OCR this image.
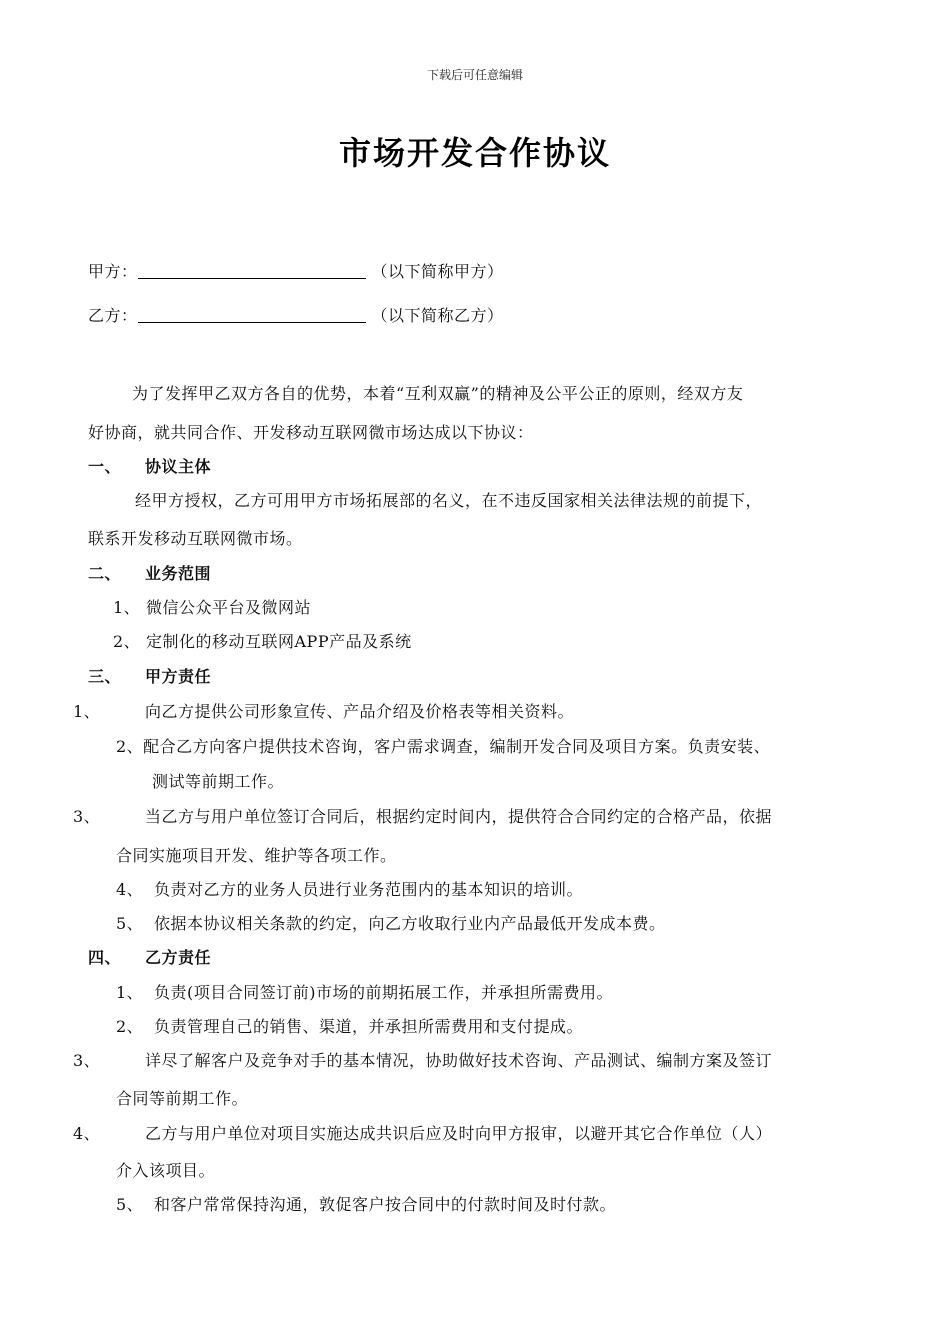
下载后可任意编辑
市场开发合作协议
甲方：	（以下简称甲方）
乙方：	（以下简称乙方）
为了发挥甲乙双方各自的优势，本着“互利双赢”的精神及公平公正的原则，经双方友
好协商，就共同合作、开发移动互联网微市场达成以下协议：
一、 协议主体
经甲方授权，乙方可用甲方市场拓展部的名义，在不违反国家相关法律法规的前提下，
联系开发移动互联网微市场。
二、 业务范围
1、 微信公众平台及微网站
2、 定制化的移动互联网APP产品及系统
三、 甲方责任
1、	向乙方提供公司形象宣传、产品介绍及价格表等相关资料。
2、配合乙方向客户提供技术咨询，客户需求调查，编制开发合同及项目方案。负责安装、
测试等前期工作。
3、	当乙方与用户单位签订合同后，根据约定时间内，提供符合合同约定的合格产品，依据
合同实施项目开发、维护等各项工作。
4、 负责对乙方的业务人员进行业务范围内的基本知识的培训。
5、 依据本协议相关条款的约定，向乙方收取行业内产品最低开发成本费。
四、 乙方责任
1、 负责(项目合同签订前)市场的前期拓展工作，并承担所需费用。
2、 负责管理自己的销售、渠道，并承担所需费用和支付提成。
3、	详尽了解客户及竞争对手的基本情况，协助做好技术咨询、产品测试、编制方案及签订
合同等前期工作。
4、	乙方与用户单位对项目实施达成共识后应及时向甲方报审，以避开其它合作单位（人）
介入该项目。
5、 和客户常常保持沟通，敦促客户按合同中的付款时间及时付款。
